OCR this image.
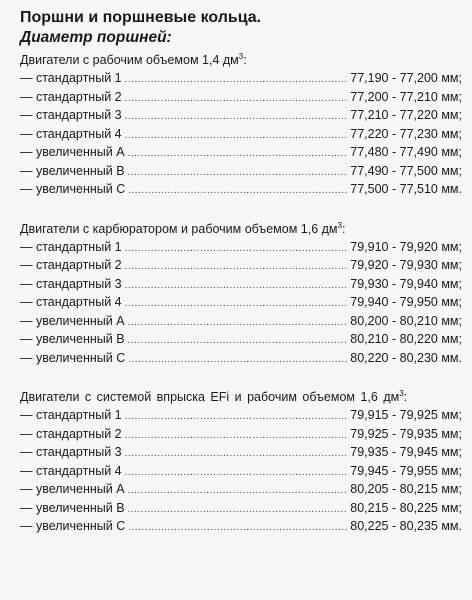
Поршни и поршневые кольца.
Диаметр поршней:

Двигатели с рабочим объемом 1,4 $дм^3$:

— стандартный 1 .....	77,190 - 77,200 мм;
— стандартный 2 .....	77,200 - 77,210 мм;
— стандартный 3 .....	77,210 - 77,220 мм;
— стандартный 4 .....	77,220 - 77,230 мм;
— увеличенный А .....	77,480 - 77,490 мм;
— увеличенный В .....	77,490 - 77,500 мм;
— увеличенный С .....	77,500 - 77,510 мм.

Двигатели с карбюратором и рабочим объемом 1,6 $дм^3$:

— стандартный 1 .....	79,910 - 79,920 мм;
— стандартный 2 .....	79,920 - 79,930 мм;
— стандартный 3 .....	79,930 - 79,940 мм;
— стандартный 4 .....	79,940 - 79,950 мм;
— увеличенный А .....	80,200 - 80,210 мм;
— увеличенный В .....	80,210 - 80,220 мм;
— увеличенный С .....	80,220 - 80,230 мм.

Двигатели с системой впрыска EFi и рабочим объемом 1,6 $дм^3$:

— стандартный 1 .....	79,915 - 79,925 мм;
— стандартный 2 .....	79,925 - 79,935 мм;
— стандартный 3 .....	79,935 - 79,945 мм;
— стандартный 4 .....	79,945 - 79,955 мм;
— увеличенный А .....	80,205 - 80,215 мм;
— увеличенный В .....	80,215 - 80,225 мм;
— увеличенный С .....	80,225 - 80,235 мм.
